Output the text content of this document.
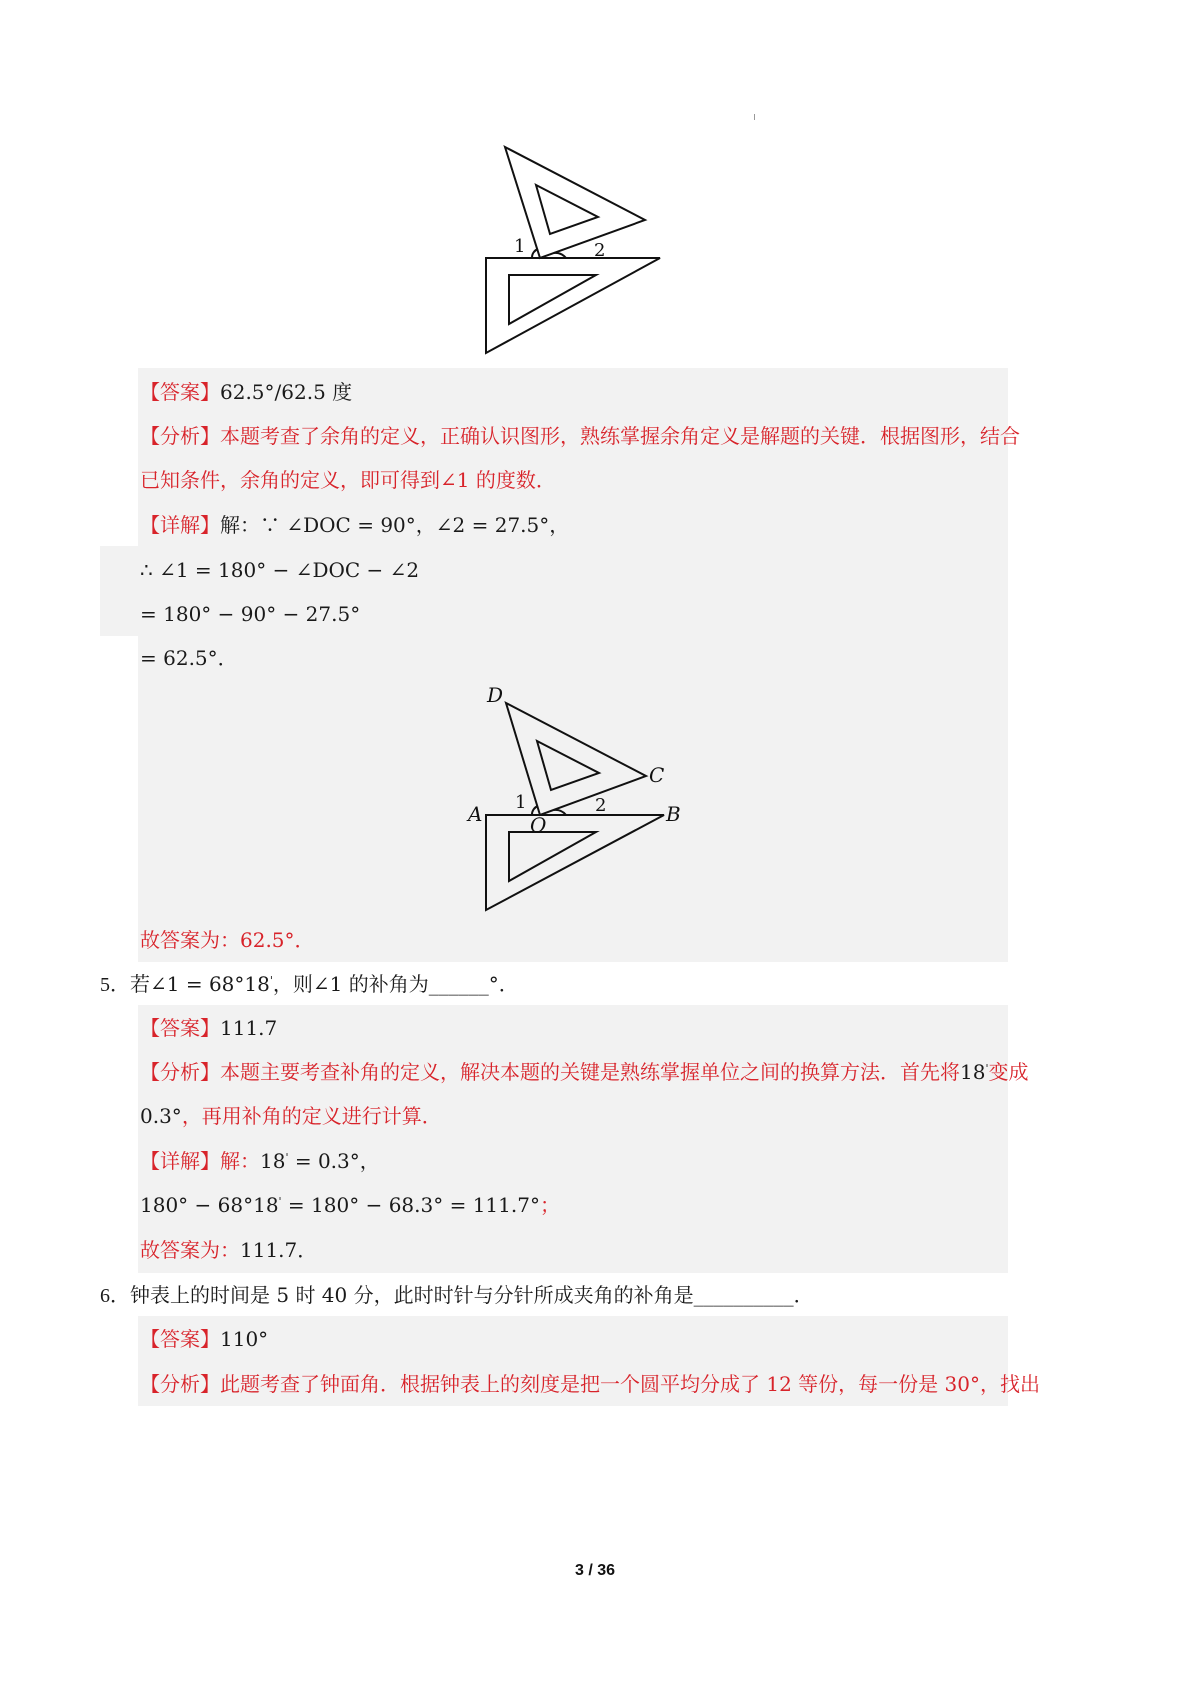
1	2
【答案】62.5°/62.5 度
【分析】本题考查了余角的定义，正确认识图形，熟练掌握余角定义是解题的关键．根据图形，结合
已知条件，余角的定义，即可得到∠1 的度数．
【详解】解：∵ ∠DOC = 90°，∠2 = 27.5°，
∴ ∠1 = 180° − ∠DOC − ∠2
= 180° − 90° − 27.5°
= 62.5°．
D
C
A	B
O
1	2
故答案为：62.5°．
5．若∠1 = 68°18'，则∠1 的补角为______°．
【答案】111.7
【分析】本题主要考查补角的定义，解决本题的关键是熟练掌握单位之间的换算方法．首先将18'变成
0.3°，再用补角的定义进行计算．
【详解】解：18' = 0.3°，
180° − 68°18' = 180° − 68.3° = 111.7°；
故答案为：111.7．
6．钟表上的时间是 5 时 40 分，此时时针与分针所成夹角的补角是__________．
【答案】110°
【分析】此题考查了钟面角．根据钟表上的刻度是把一个圆平均分成了 12 等份，每一份是 30°，找出
3 / 36
